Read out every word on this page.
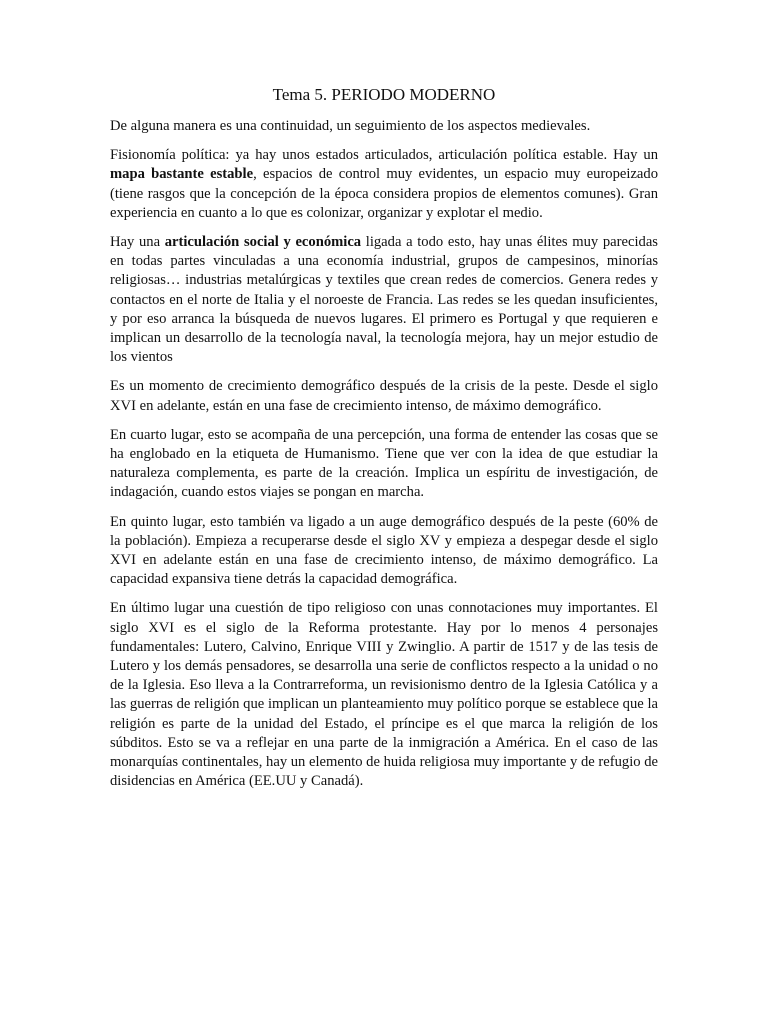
Tema 5. PERIODO MODERNO

De alguna manera es una continuidad, un seguimiento de los aspectos medievales.

Fisionomía política: ya hay unos estados articulados, articulación política estable. Hay un mapa bastante estable, espacios de control muy evidentes, un espacio muy europeizado (tiene rasgos que la concepción de la época considera propios de elementos comunes). Gran experiencia en cuanto a lo que es colonizar, organizar y explotar el medio.

Hay una articulación social y económica ligada a todo esto, hay unas élites muy parecidas en todas partes vinculadas a una economía industrial, grupos de campesinos, minorías religiosas… industrias metalúrgicas y textiles que crean redes de comercios. Genera redes y contactos en el norte de Italia y el noroeste de Francia. Las redes se les quedan insuficientes, y por eso arranca la búsqueda de nuevos lugares. El primero es Portugal y que requieren e implican un desarrollo de la tecnología naval, la tecnología mejora, hay un mejor estudio de los vientos

Es un momento de crecimiento demográfico después de la crisis de la peste. Desde el siglo XVI en adelante, están en una fase de crecimiento intenso, de máximo demográfico.

En cuarto lugar, esto se acompaña de una percepción, una forma de entender las cosas que se ha englobado en la etiqueta de Humanismo. Tiene que ver con la idea de que estudiar la naturaleza complementa, es parte de la creación. Implica un espíritu de investigación, de indagación, cuando estos viajes se pongan en marcha.

En quinto lugar, esto también va ligado a un auge demográfico después de la peste (60% de la población). Empieza a recuperarse desde el siglo XV y empieza a despegar desde el siglo XVI en adelante están en una fase de crecimiento intenso, de máximo demográfico. La capacidad expansiva tiene detrás la capacidad demográfica.

En último lugar una cuestión de tipo religioso con unas connotaciones muy importantes. El siglo XVI es el siglo de la Reforma protestante. Hay por lo menos 4 personajes fundamentales: Lutero, Calvino, Enrique VIII y Zwinglio. A partir de 1517 y de las tesis de Lutero y los demás pensadores, se desarrolla una serie de conflictos respecto a la unidad o no de la Iglesia. Eso lleva a la Contrarreforma, un revisionismo dentro de la Iglesia Católica y a las guerras de religión que implican un planteamiento muy político porque se establece que la religión es parte de la unidad del Estado, el príncipe es el que marca la religión de los súbditos. Esto se va a reflejar en una parte de la inmigración a América. En el caso de las monarquías continentales, hay un elemento de huida religiosa muy importante y de refugio de disidencias en América (EE.UU y Canadá).
